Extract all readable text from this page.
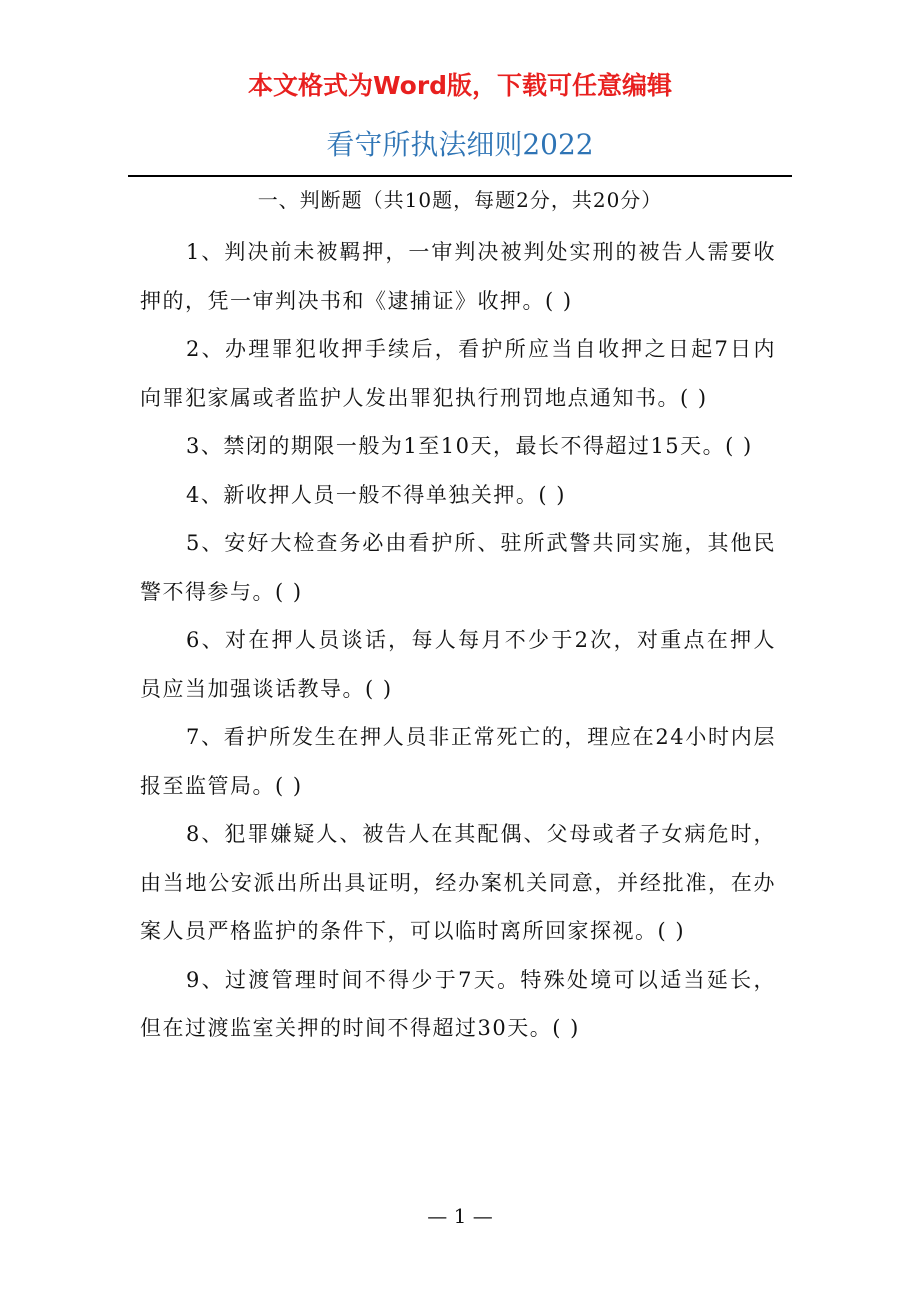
本文格式为Word版，下载可任意编辑
看守所执法细则2022
一、判断题（共10题，每题2分，共20分）

1、判决前未被羁押，一审判决被判处实刑的被告人需要收押的，凭一审判决书和《逮捕证》收押。( )

2、办理罪犯收押手续后，看护所应当自收押之日起7日内向罪犯家属或者监护人发出罪犯执行刑罚地点通知书。( )

3、禁闭的期限一般为1至10天，最长不得超过15天。( )

4、新收押人员一般不得单独关押。( )

5、安好大检查务必由看护所、驻所武警共同实施，其他民警不得参与。( )

6、对在押人员谈话，每人每月不少于2次，对重点在押人员应当加强谈话教导。( )

7、看护所发生在押人员非正常死亡的，理应在24小时内层报至监管局。( )

8、犯罪嫌疑人、被告人在其配偶、父母或者子女病危时，由当地公安派出所出具证明，经办案机关同意，并经批准，在办案人员严格监护的条件下，可以临时离所回家探视。( )

9、过渡管理时间不得少于7天。特殊处境可以适当延长，但在过渡监室关押的时间不得超过30天。( )

— 1 —
